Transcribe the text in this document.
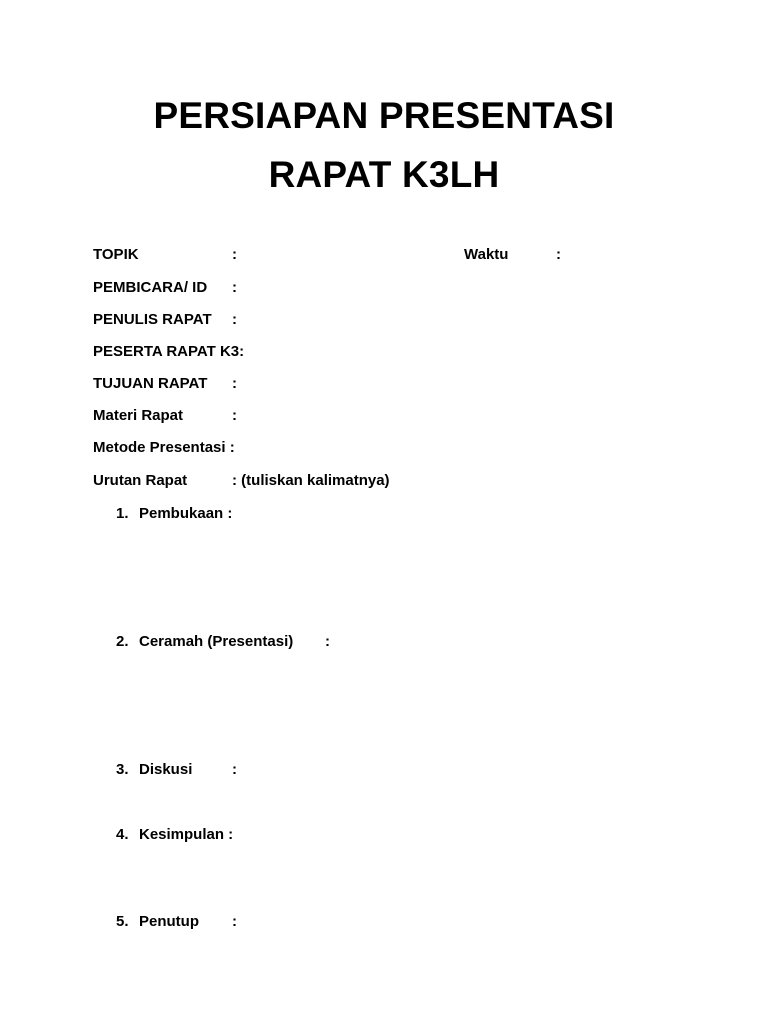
PERSIAPAN PRESENTASI
RAPAT K3LH
TOPIK	:	Waktu	:
PEMBICARA/ ID :
PENULIS RAPAT :
PESERTA RAPAT K3:
TUJUAN RAPAT :
Materi Rapat	:
Metode Presentasi :
Urutan Rapat	: (tuliskan kalimatnya)
1. Pembukaan :
2. Ceramah (Presentasi) :
3. Diskusi	:
4. Kesimpulan :
5. Penutup :
